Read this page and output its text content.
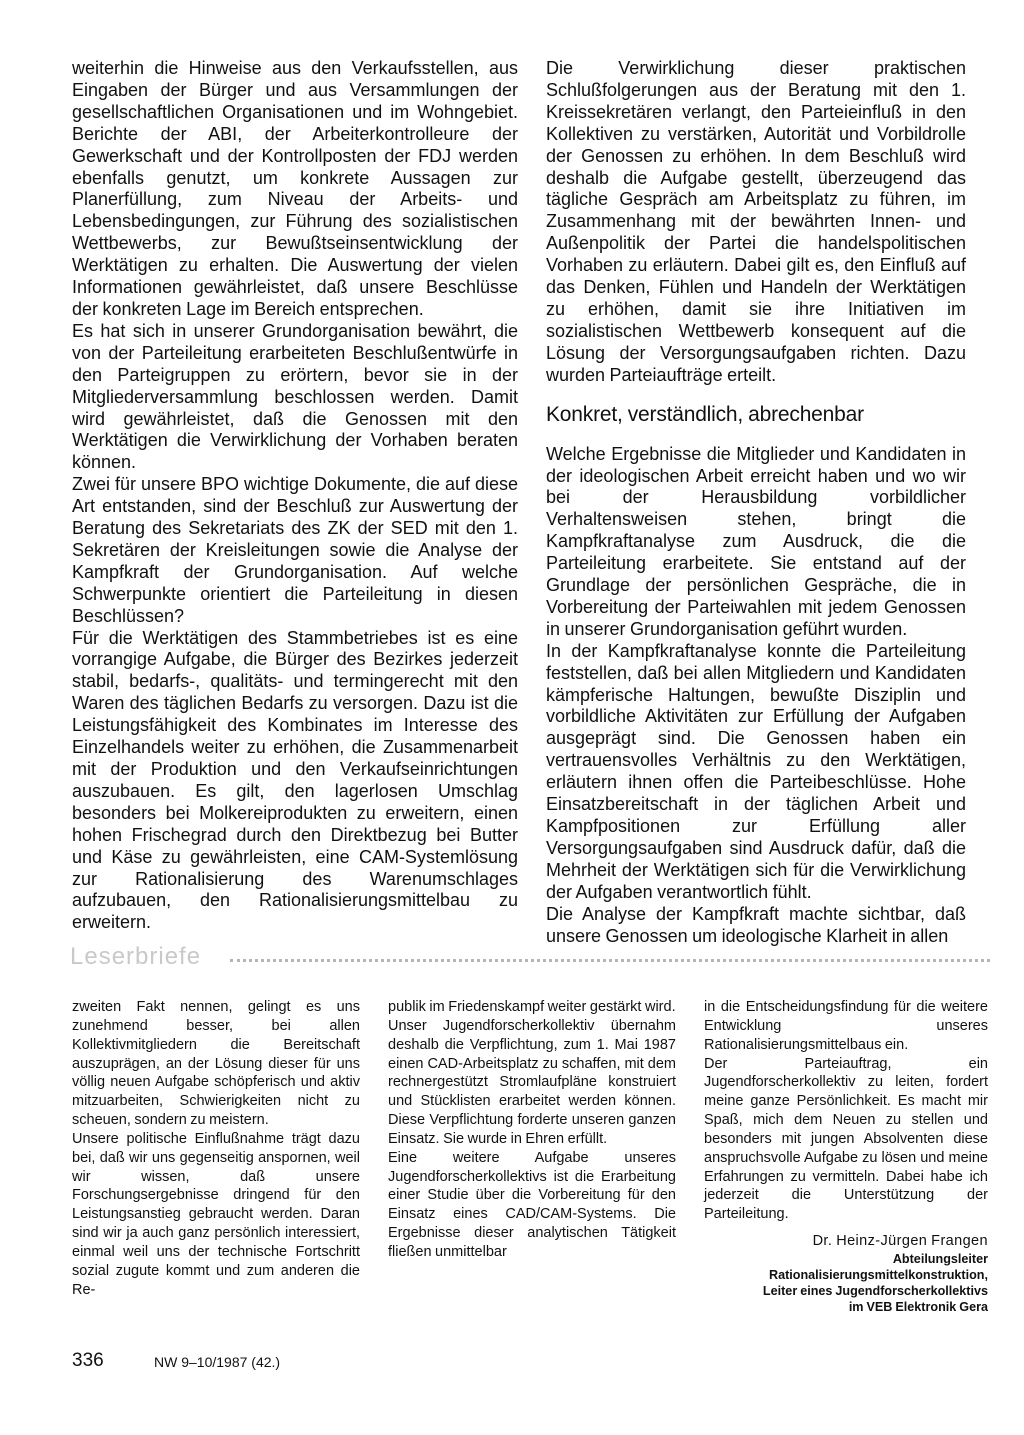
weiterhin die Hinweise aus den Verkaufsstellen, aus Eingaben der Bürger und aus Versammlungen der gesellschaftlichen Organisationen und im Wohngebiet. Berichte der ABI, der Arbeiterkontrolleure der Gewerkschaft und der Kontrollposten der FDJ werden ebenfalls genutzt, um konkrete Aussagen zur Planerfüllung, zum Niveau der Arbeits- und Lebensbedingungen, zur Führung des sozialistischen Wettbewerbs, zur Bewußtseinsentwicklung der Werktätigen zu erhalten. Die Auswertung der vielen Informationen gewährleistet, daß unsere Beschlüsse der konkreten Lage im Bereich entsprechen.

Es hat sich in unserer Grundorganisation bewährt, die von der Parteileitung erarbeiteten Beschlußentwürfe in den Parteigruppen zu erörtern, bevor sie in der Mitgliederversammlung beschlossen werden. Damit wird gewährleistet, daß die Genossen mit den Werktätigen die Verwirklichung der Vorhaben beraten können.

Zwei für unsere BPO wichtige Dokumente, die auf diese Art entstanden, sind der Beschluß zur Auswertung der Beratung des Sekretariats des ZK der SED mit den 1. Sekretären der Kreisleitungen sowie die Analyse der Kampfkraft der Grundorganisation. Auf welche Schwerpunkte orientiert die Parteileitung in diesen Beschlüssen?

Für die Werktätigen des Stammbetriebes ist es eine vorrangige Aufgabe, die Bürger des Bezirkes jederzeit stabil, bedarfs-, qualitäts- und termingerecht mit den Waren des täglichen Bedarfs zu versorgen. Dazu ist die Leistungsfähigkeit des Kombinates im Interesse des Einzelhandels weiter zu erhöhen, die Zusammenarbeit mit der Produktion und den Verkaufseinrichtungen auszubauen. Es gilt, den lagerlosen Umschlag besonders bei Molkereiprodukten zu erweitern, einen hohen Frischegrad durch den Direktbezug bei Butter und Käse zu gewährleisten, eine CAM-Systemlösung zur Rationalisierung des Warenumschlages aufzubauen, den Rationalisierungsmittelbau zu erweitern.

Die Verwirklichung dieser praktischen Schlußfolgerungen aus der Beratung mit den 1. Kreissekretären verlangt, den Parteieinfluß in den Kollektiven zu verstärken, Autorität und Vorbildrolle der Genossen zu erhöhen. In dem Beschluß wird deshalb die Aufgabe gestellt, überzeugend das tägliche Gespräch am Arbeitsplatz zu führen, im Zusammenhang mit der bewährten Innen- und Außenpolitik der Partei die handelspolitischen Vorhaben zu erläutern. Dabei gilt es, den Einfluß auf das Denken, Fühlen und Handeln der Werktätigen zu erhöhen, damit sie ihre Initiativen im sozialistischen Wettbewerb konsequent auf die Lösung der Versorgungsaufgaben richten. Dazu wurden Parteiaufträge erteilt.

Konkret, verständlich, abrechenbar

Welche Ergebnisse die Mitglieder und Kandidaten in der ideologischen Arbeit erreicht haben und wo wir bei der Herausbildung vorbildlicher Verhaltensweisen stehen, bringt die Kampfkraftanalyse zum Ausdruck, die die Parteileitung erarbeitete. Sie entstand auf der Grundlage der persönlichen Gespräche, die in Vorbereitung der Parteiwahlen mit jedem Genossen in unserer Grundorganisation geführt wurden.

In der Kampfkraftanalyse konnte die Parteileitung feststellen, daß bei allen Mitgliedern und Kandidaten kämpferische Haltungen, bewußte Disziplin und vorbildliche Aktivitäten zur Erfüllung der Aufgaben ausgeprägt sind. Die Genossen haben ein vertrauensvolles Verhältnis zu den Werktätigen, erläutern ihnen offen die Parteibeschlüsse. Hohe Einsatzbereitschaft in der täglichen Arbeit und Kampfpositionen zur Erfüllung aller Versorgungsaufgaben sind Ausdruck dafür, daß die Mehrheit der Werktätigen sich für die Verwirklichung der Aufgaben verantwortlich fühlt.

Die Analyse der Kampfkraft machte sichtbar, daß unsere Genossen um ideologische Klarheit in allen

Leserbriefe

zweiten Fakt nennen, gelingt es uns zunehmend besser, bei allen Kollektivmitgliedern die Bereitschaft auszuprägen, an der Lösung dieser für uns völlig neuen Aufgabe schöpferisch und aktiv mitzuarbeiten, Schwierigkeiten nicht zu scheuen, sondern zu meistern.

Unsere politische Einflußnahme trägt dazu bei, daß wir uns gegenseitig anspornen, weil wir wissen, daß unsere Forschungsergebnisse dringend für den Leistungsanstieg gebraucht werden. Daran sind wir ja auch ganz persönlich interessiert, einmal weil uns der technische Fortschritt sozial zugute kommt und zum anderen die Re-

publik im Friedenskampf weiter gestärkt wird.

Unser Jugendforscherkollektiv übernahm deshalb die Verpflichtung, zum 1. Mai 1987 einen CAD-Arbeitsplatz zu schaffen, mit dem rechnergestützt Stromlaufpläne konstruiert und Stücklisten erarbeitet werden können. Diese Verpflichtung forderte unseren ganzen Einsatz. Sie wurde in Ehren erfüllt.

Eine weitere Aufgabe unseres Jugendforscherkollektivs ist die Erarbeitung einer Studie über die Vorbereitung für den Einsatz eines CAD/CAM-Systems. Die Ergebnisse dieser analytischen Tätigkeit fließen unmittelbar

in die Entscheidungsfindung für die weitere Entwicklung unseres Rationalisierungsmittelbaus ein.

Der Parteiauftrag, ein Jugendforscherkollektiv zu leiten, fordert meine ganze Persönlichkeit. Es macht mir Spaß, mich dem Neuen zu stellen und besonders mit jungen Absolventen diese anspruchsvolle Aufgabe zu lösen und meine Erfahrungen zu vermitteln. Dabei habe ich jederzeit die Unterstützung der Parteileitung.

Dr. Heinz-Jürgen Frangen
Abteilungsleiter
Rationalisierungsmittelkonstruktion,
Leiter eines Jugendforscherkollektivs
im VEB Elektronik Gera
336	NW 9–10/1987 (42.)
